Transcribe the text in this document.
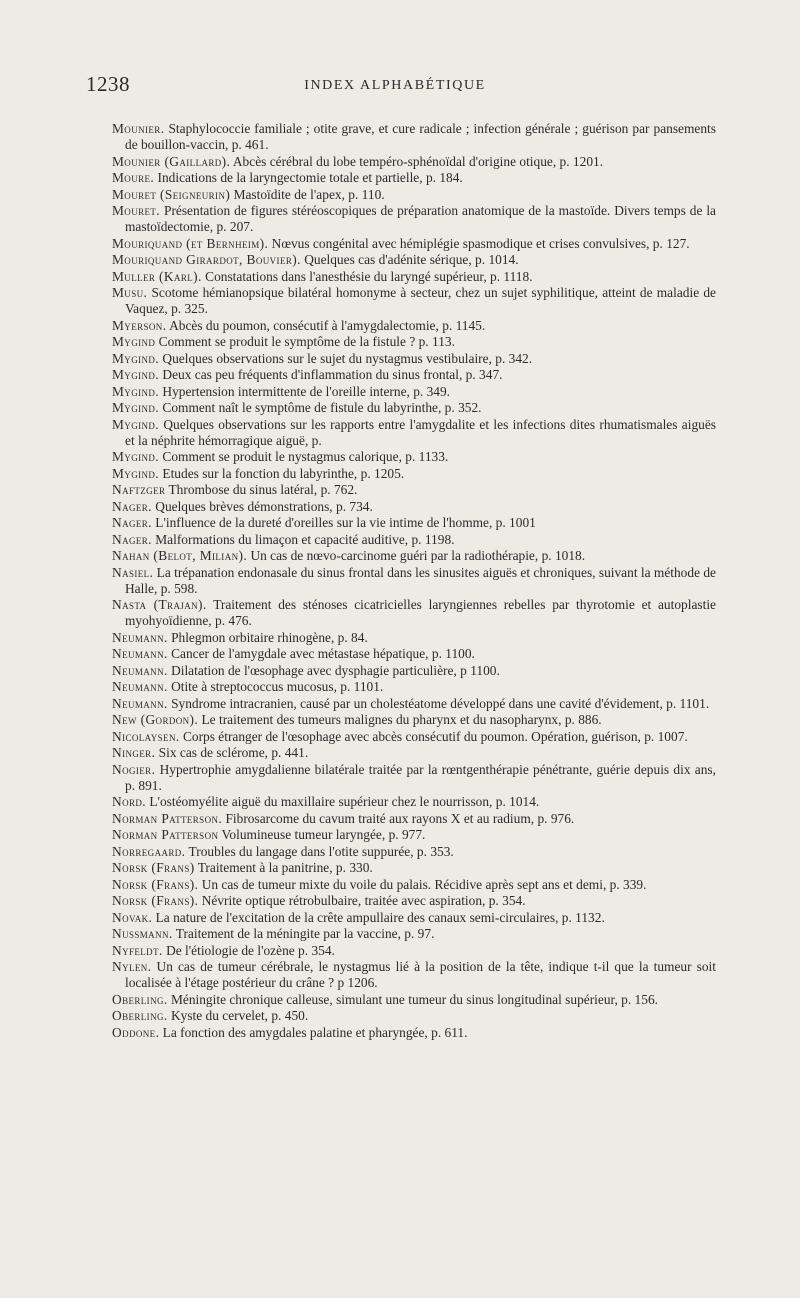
1238	INDEX ALPHABÉTIQUE

Mounier. Staphylococcie familiale ; otite grave, et cure radicale ; infection générale ; guérison par pansements de bouillon-vaccin, p. 461.

Mounier (Gaillard). Abcès cérébral du lobe tempéro-sphénoïdal d'origine otique, p. 1201.

Moure. Indications de la laryngectomie totale et partielle, p. 184.

Mouret (Seigneurin) Mastoïdite de l'apex, p. 110.

Mouret. Présentation de figures stéréoscopiques de préparation anatomique de la mastoïde. Divers temps de la mastoïdectomie, p. 207.

Mouriquand (et Bernheim). Nœvus congénital avec hémiplégie spasmodique et crises convulsives, p. 127.

Mouriquand Girardot, Bouvier). Quelques cas d'adénite sérique, p. 1014.

Muller (Karl). Constatations dans l'anesthésie du laryngé supérieur, p. 1118.

Musu. Scotome hémianopsique bilatéral homonyme à secteur, chez un sujet syphilitique, atteint de maladie de Vaquez, p. 325.

Myerson. Abcès du poumon, consécutif à l'amygdalectomie, p. 1145.

Mygind Comment se produit le symptôme de la fistule ? p. 113.

Mygind. Quelques observations sur le sujet du nystagmus vestibulaire, p. 342.

Mygind. Deux cas peu fréquents d'inflammation du sinus frontal, p. 347.

Mygind. Hypertension intermittente de l'oreille interne, p. 349.

Mygind. Comment naît le symptôme de fistule du labyrinthe, p. 352.

Mygind. Quelques observations sur les rapports entre l'amygdalite et les infections dites rhumatismales aiguës et la néphrite hémorragique aiguë, p.

Mygind. Comment se produit le nystagmus calorique, p. 1133.

Mygind. Etudes sur la fonction du labyrinthe, p. 1205.

Naftzger Thrombose du sinus latéral, p. 762.

Nager. Quelques brèves démonstrations, p. 734.

Nager. L'influence de la dureté d'oreilles sur la vie intime de l'homme, p. 1001

Nager. Malformations du limaçon et capacité auditive, p. 1198.

Nahan (Belot, Milian). Un cas de nœvo-carcinome guéri par la radiothérapie, p. 1018.

Nasiel. La trépanation endonasale du sinus frontal dans les sinusites aiguës et chroniques, suivant la méthode de Halle, p. 598.

Nasta (Trajan). Traitement des sténoses cicatricielles laryngiennes rebelles par thyrotomie et autoplastie myohyoïdienne, p. 476.

Neumann. Phlegmon orbitaire rhinogène, p. 84.

Neumann. Cancer de l'amygdale avec métastase hépatique, p. 1100.

Neumann. Dilatation de l'œsophage avec dysphagie particulière, p 1100.

Neumann. Otite à streptococcus mucosus, p. 1101.

Neumann. Syndrome intracranien, causé par un cholestéatome développé dans une cavité d'évidement, p. 1101.

New (Gordon). Le traitement des tumeurs malignes du pharynx et du nasopharynx, p. 886.

Nicolaysen. Corps étranger de l'œsophage avec abcès consécutif du poumon. Opération, guérison, p. 1007.

Ninger. Six cas de sclérome, p. 441.

Nogier. Hypertrophie amygdalienne bilatérale traitée par la rœntgenthérapie pénétrante, guérie depuis dix ans, p. 891.

Nord. L'ostéomyélite aiguë du maxillaire supérieur chez le nourrisson, p. 1014.

Norman Patterson. Fibrosarcome du cavum traité aux rayons X et au radium, p. 976.

Norman Patterson Volumineuse tumeur laryngée, p. 977.

Norregaard. Troubles du langage dans l'otite suppurée, p. 353.

Norsk (Frans) Traitement à la panitrine, p. 330.

Norsk (Frans). Un cas de tumeur mixte du voile du palais. Récidive après sept ans et demi, p. 339.

Norsk (Frans). Névrite optique rétrobulbaire, traitée avec aspiration, p. 354.

Novak. La nature de l'excitation de la crête ampullaire des canaux semi-circulaires, p. 1132.

Nussmann. Traitement de la méningite par la vaccine, p. 97.

Nyfeldt. De l'étiologie de l'ozène p. 354.

Nylen. Un cas de tumeur cérébrale, le nystagmus lié à la position de la tête, indique t-il que la tumeur soit localisée à l'étage postérieur du crâne ? p 1206.

Oberling. Méningite chronique calleuse, simulant une tumeur du sinus longitudinal supérieur, p. 156.

Oberling. Kyste du cervelet, p. 450.

Oddone. La fonction des amygdales palatine et pharyngée, p. 611.
